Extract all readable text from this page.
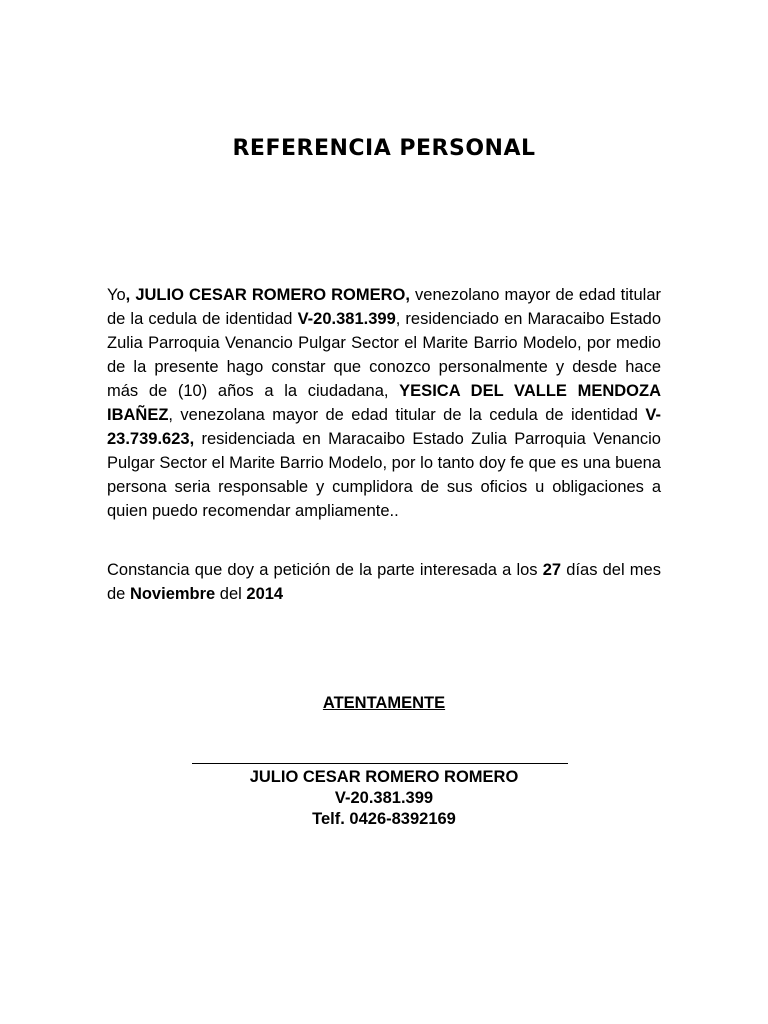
REFERENCIA PERSONAL
Yo, JULIO CESAR ROMERO ROMERO, venezolano mayor de edad titular de la cedula de identidad V-20.381.399, residenciado en Maracaibo Estado Zulia Parroquia Venancio Pulgar Sector el Marite Barrio Modelo, por medio de la presente hago constar que conozco personalmente y desde hace más de (10) años a la ciudadana, YESICA DEL VALLE MENDOZA IBAÑEZ, venezolana mayor de edad titular de la cedula de identidad V-23.739.623, residenciada en Maracaibo Estado Zulia Parroquia Venancio Pulgar Sector el Marite Barrio Modelo, por lo tanto doy fe que es una buena persona seria responsable y cumplidora de sus oficios u obligaciones a quien puedo recomendar ampliamente..
Constancia que doy a petición de la parte interesada a los 27 días del mes de Noviembre del 2014
ATENTAMENTE
JULIO CESAR ROMERO ROMERO
V-20.381.399
Telf. 0426-8392169
